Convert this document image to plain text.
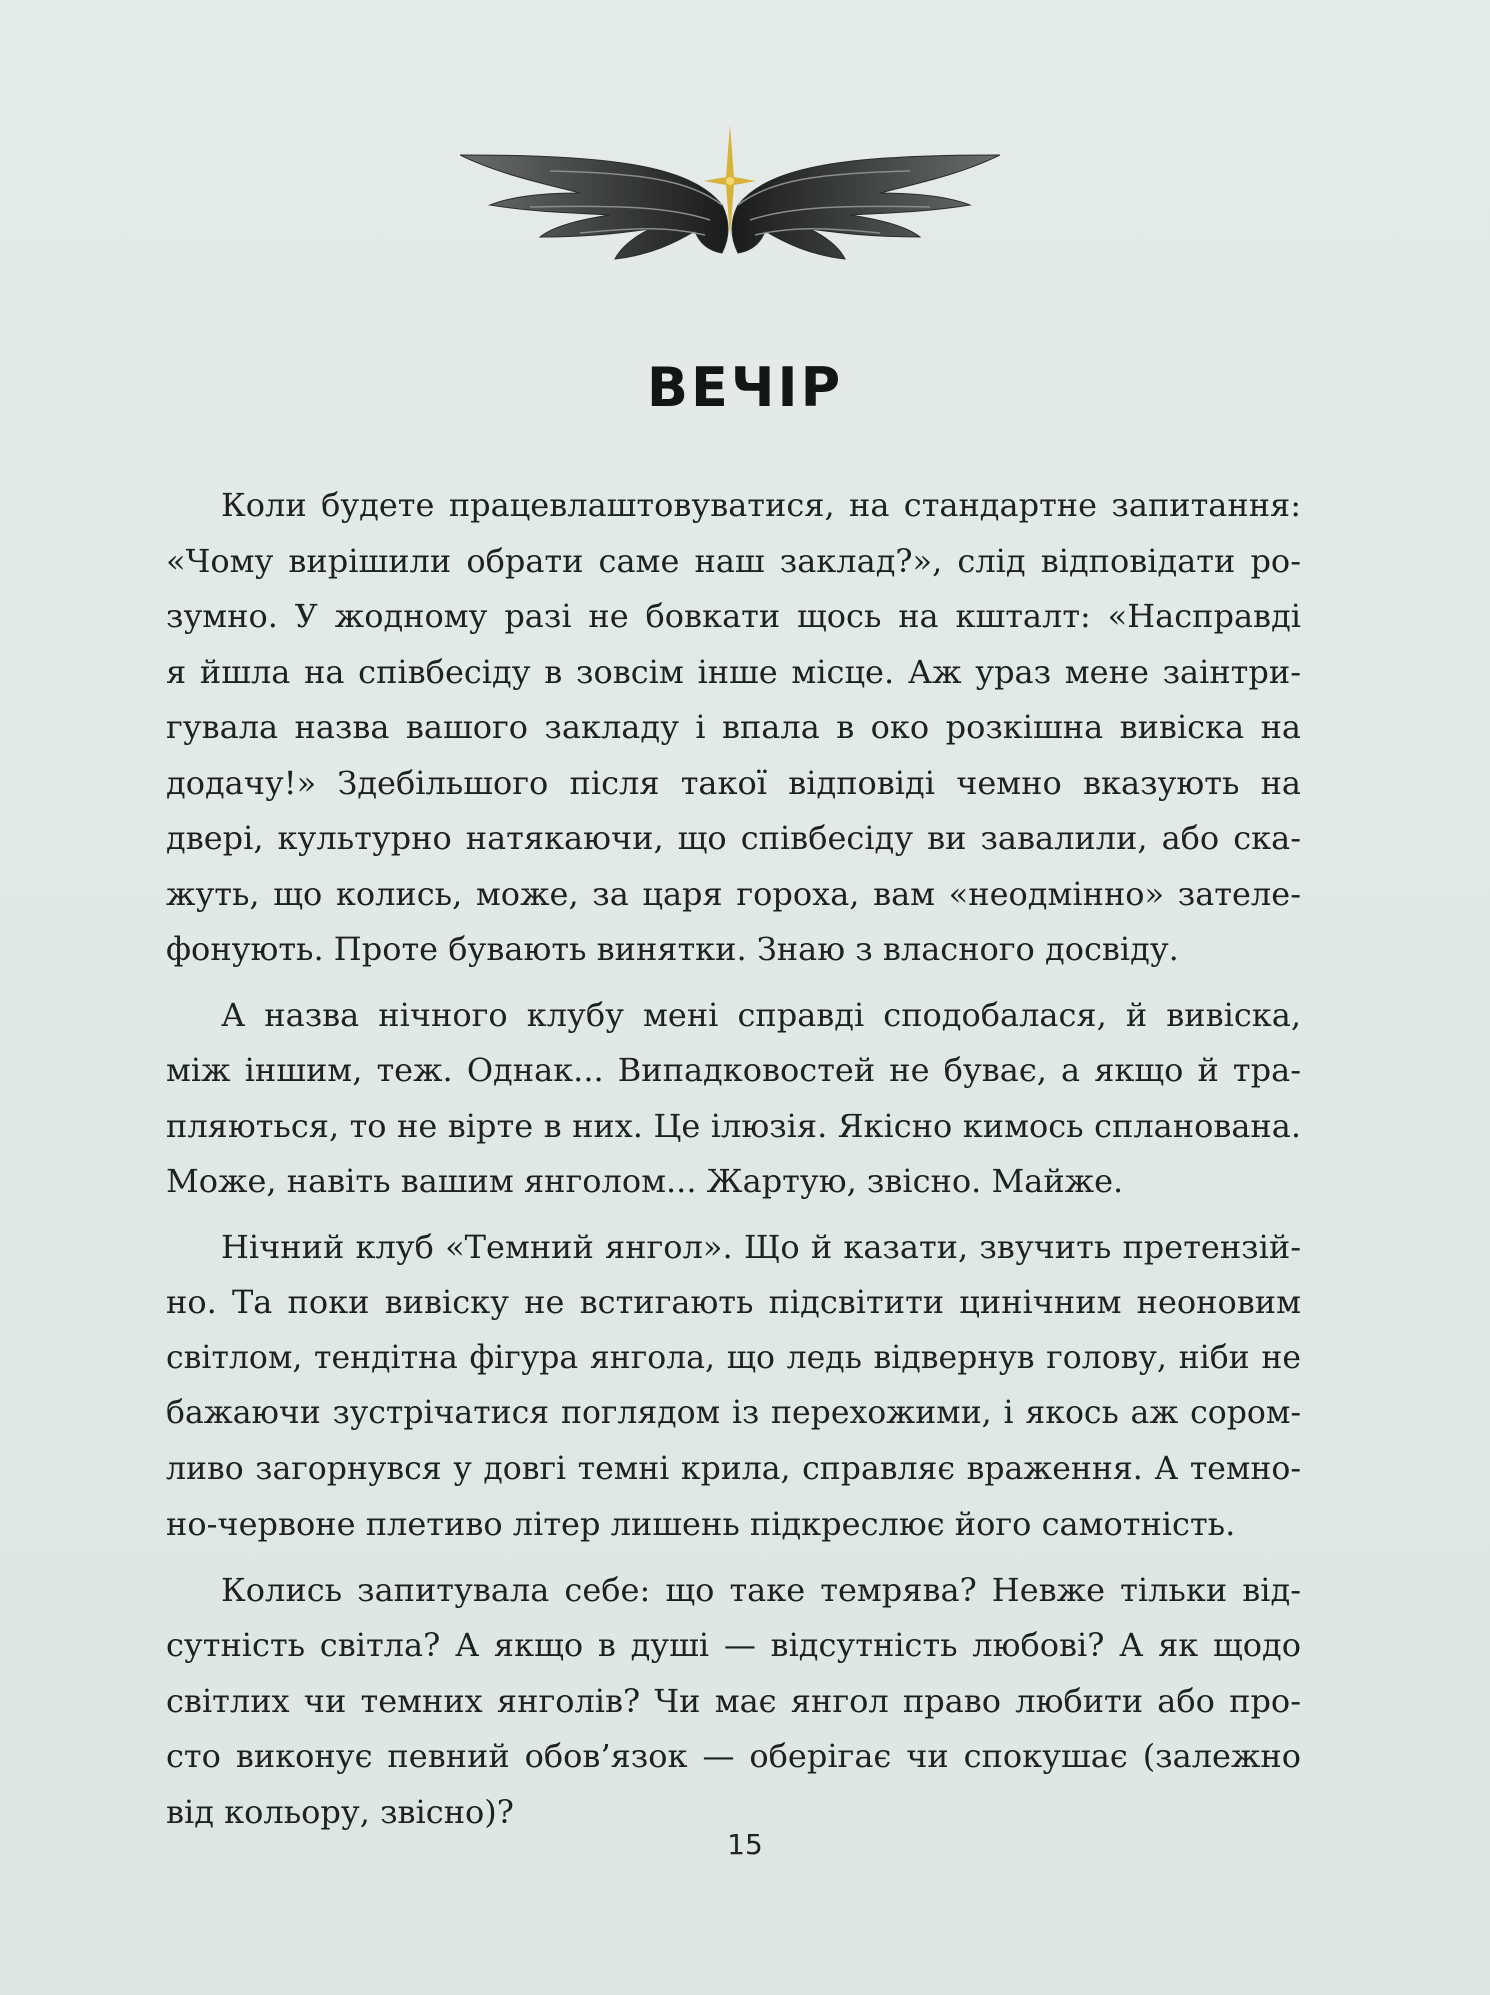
ВЕЧІР

Коли будете працевлаштовуватися, на стандартне запитання:
«Чому вирішили обрати саме наш заклад?», слід відповідати ро-
зумно. У жодному разі не бовкати щось на кшталт: «Насправді
я йшла на співбесіду в зовсім інше місце. Аж ураз мене заінтри-
гувала назва вашого закладу і впала в око розкішна вивіска на
додачу!» Здебільшого після такої відповіді чемно вказують на
двері, культурно натякаючи, що співбесіду ви завалили, або ска-
жуть, що колись, може, за царя гороха, вам «неодмінно» зателе-
фонують. Проте бувають винятки. Знаю з власного досвіду.

А назва нічного клубу мені справді сподобалася, й вивіска,
між іншим, теж. Однак... Випадковостей не буває, а якщо й тра-
пляються, то не вірте в них. Це ілюзія. Якісно кимось спланована.
Може, навіть вашим янголом... Жартую, звісно. Майже.

Нічний клуб «Темний янгол». Що й казати, звучить претензій-
но. Та поки вивіску не встигають підсвітити цинічним неоновим
світлом, тендітна фігура янгола, що ледь відвернув голову, ніби не
бажаючи зустрічатися поглядом із перехожими, і якось аж сором-
ливо загорнувся у довгі темні крила, справляє враження. А темно-
но-червоне плетиво літер лишень підкреслює його самотність.

Колись запитувала себе: що таке темрява? Невже тільки від-
сутність світла? А якщо в душі — відсутність любові? А як щодо
світлих чи темних янголів? Чи має янгол право любити або про-
сто виконує певний обов’язок — оберігає чи спокушає (залежно
від кольору, звісно)?

15
